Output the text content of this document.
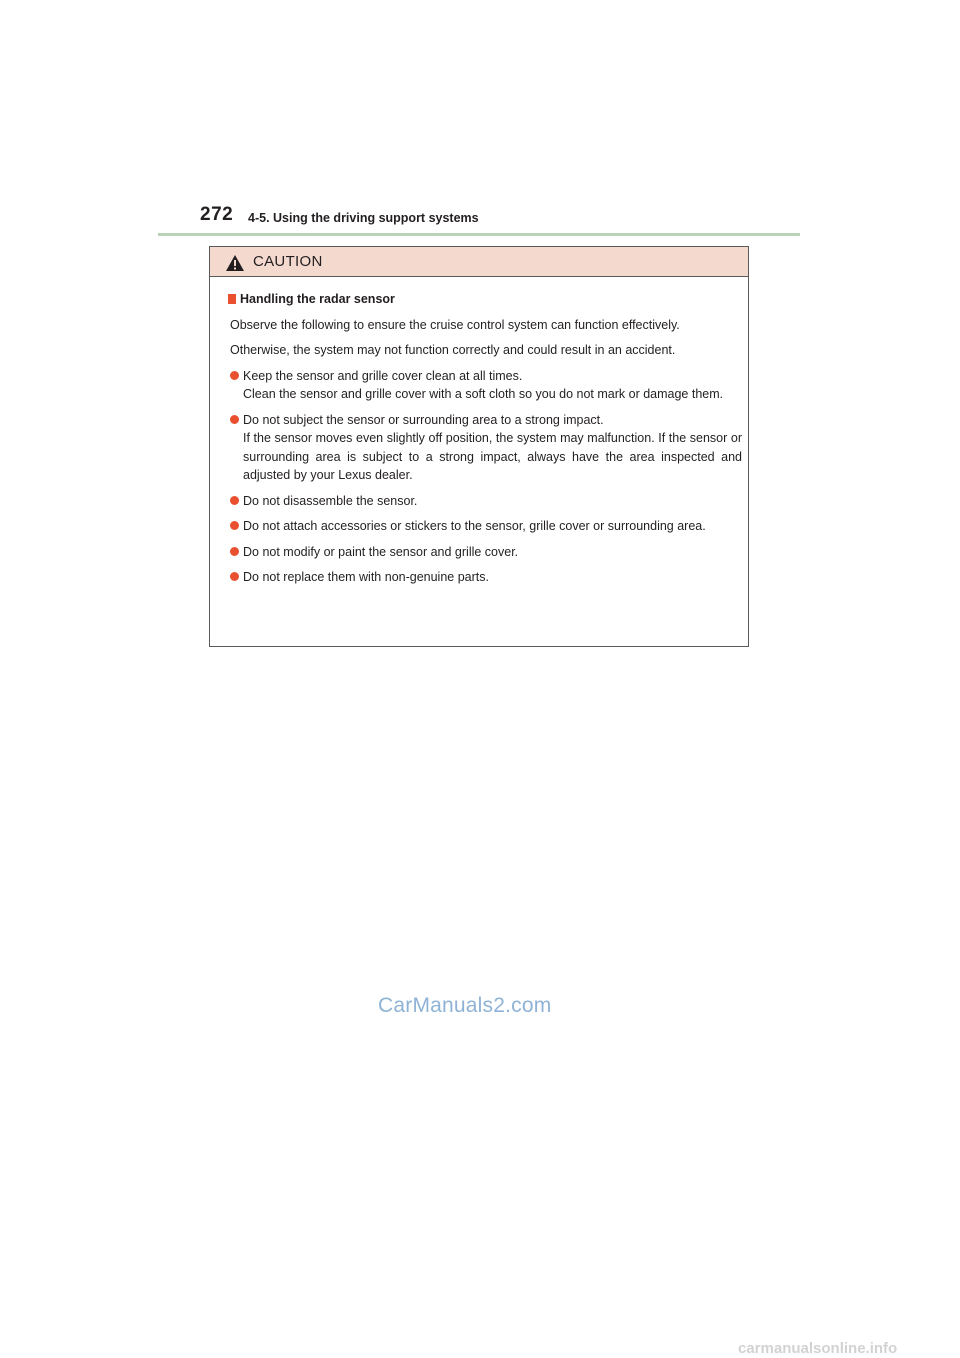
272 4-5. Using the driving support systems
CAUTION
Handling the radar sensor

Observe the following to ensure the cruise control system can function effectively.

Otherwise, the system may not function correctly and could result in an accident.

Keep the sensor and grille cover clean at all times.
Clean the sensor and grille cover with a soft cloth so you do not mark or damage them.
Do not subject the sensor or surrounding area to a strong impact.
If the sensor moves even slightly off position, the system may malfunction. If the sensor or surrounding area is subject to a strong impact, always have the area inspected and adjusted by your Lexus dealer.
Do not disassemble the sensor.
Do not attach accessories or stickers to the sensor, grille cover or surrounding area.
Do not modify or paint the sensor and grille cover.
Do not replace them with non-genuine parts.
CarManuals2.com
carmanualsonline.info
